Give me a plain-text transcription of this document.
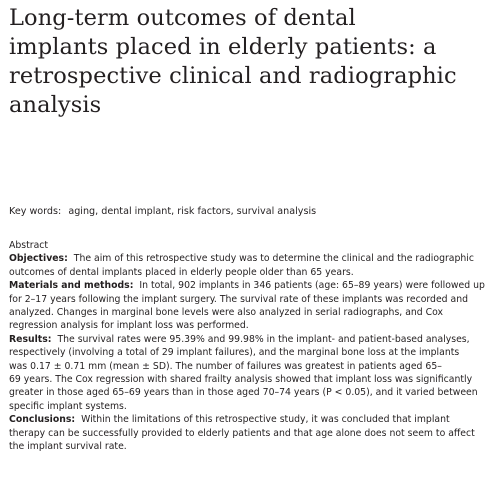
Long-term outcomes of dental
implants placed in elderly patients: a
retrospective clinical and radiographic
analysis
Key words: aging, dental implant, risk factors, survival analysis
Abstract
Objectives: The aim of this retrospective study was to determine the clinical and the radiographic
outcomes of dental implants placed in elderly people older than 65 years.
Materials and methods: In total, 902 implants in 346 patients (age: 65–89 years) were followed up
for 2–17 years following the implant surgery. The survival rate of these implants was recorded and
analyzed. Changes in marginal bone levels were also analyzed in serial radiographs, and Cox
regression analysis for implant loss was performed.
Results: The survival rates were 95.39% and 99.98% in the implant- and patient-based analyses,
respectively (involving a total of 29 implant failures), and the marginal bone loss at the implants
was 0.17 ± 0.71 mm (mean ± SD). The number of failures was greatest in patients aged 65–
69 years. The Cox regression with shared frailty analysis showed that implant loss was significantly
greater in those aged 65–69 years than in those aged 70–74 years (P < 0.05), and it varied between
specific implant systems.
Conclusions: Within the limitations of this retrospective study, it was concluded that implant
therapy can be successfully provided to elderly patients and that age alone does not seem to affect
the implant survival rate.
